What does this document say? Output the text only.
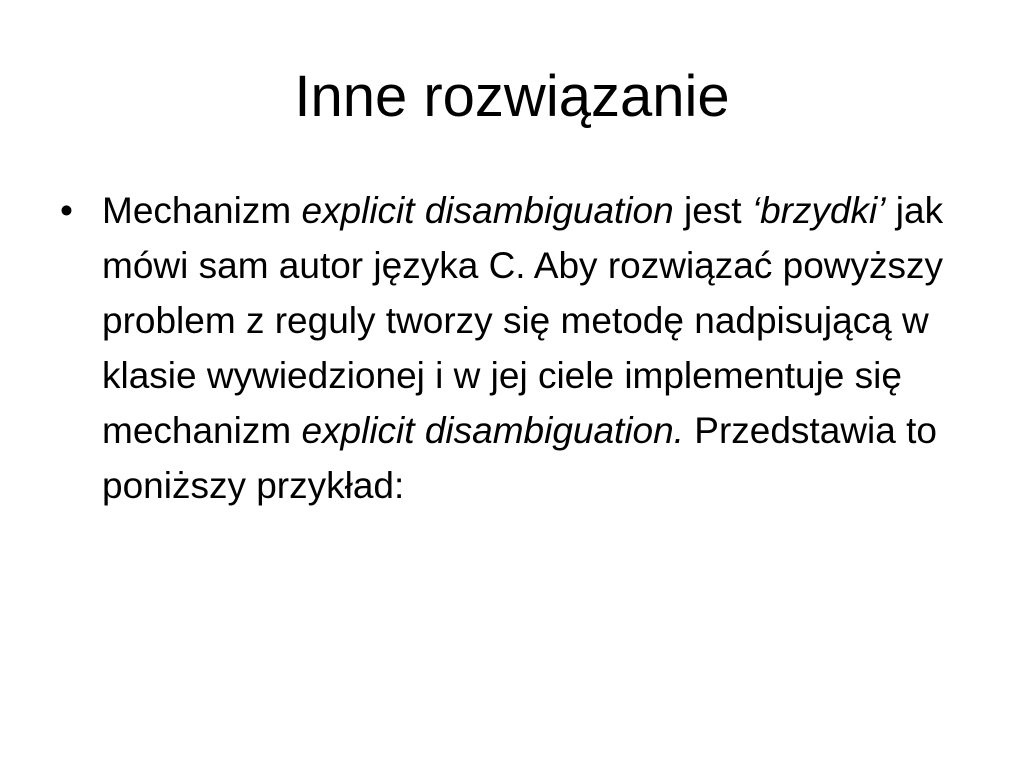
Inne rozwiązanie
• Mechanizm explicit disambiguation jest ‘brzydki’ jak mówi sam autor języka C. Aby rozwiązać powyższy problem z reguly tworzy się metodę nadpisującą w klasie wywiedzionej i w jej ciele implementuje się mechanizm explicit disambiguation. Przedstawia to poniższy przykład:
